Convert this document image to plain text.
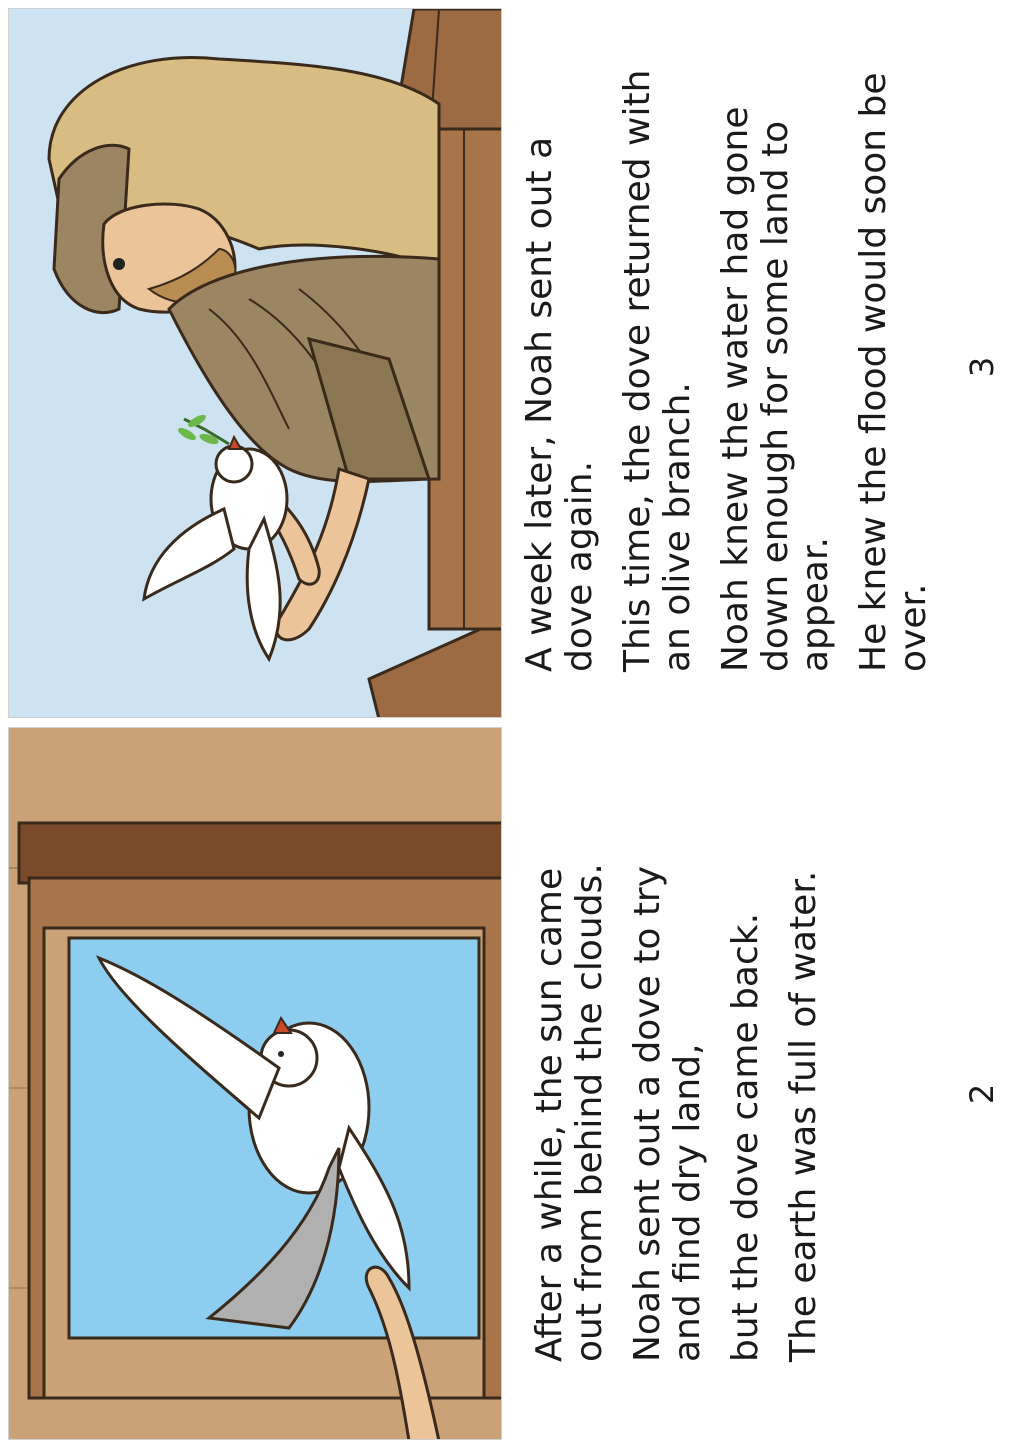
A week later, Noah sent out a dove again. This time, the dove returned with an olive branch. Noah knew the water had gone down enough for some land to appear. He knew the flood would soon be over.

After a while, the sun came out from behind the clouds. Noah sent out a dove to try and find dry land, but the dove came back. The earth was full of water.

3
2
